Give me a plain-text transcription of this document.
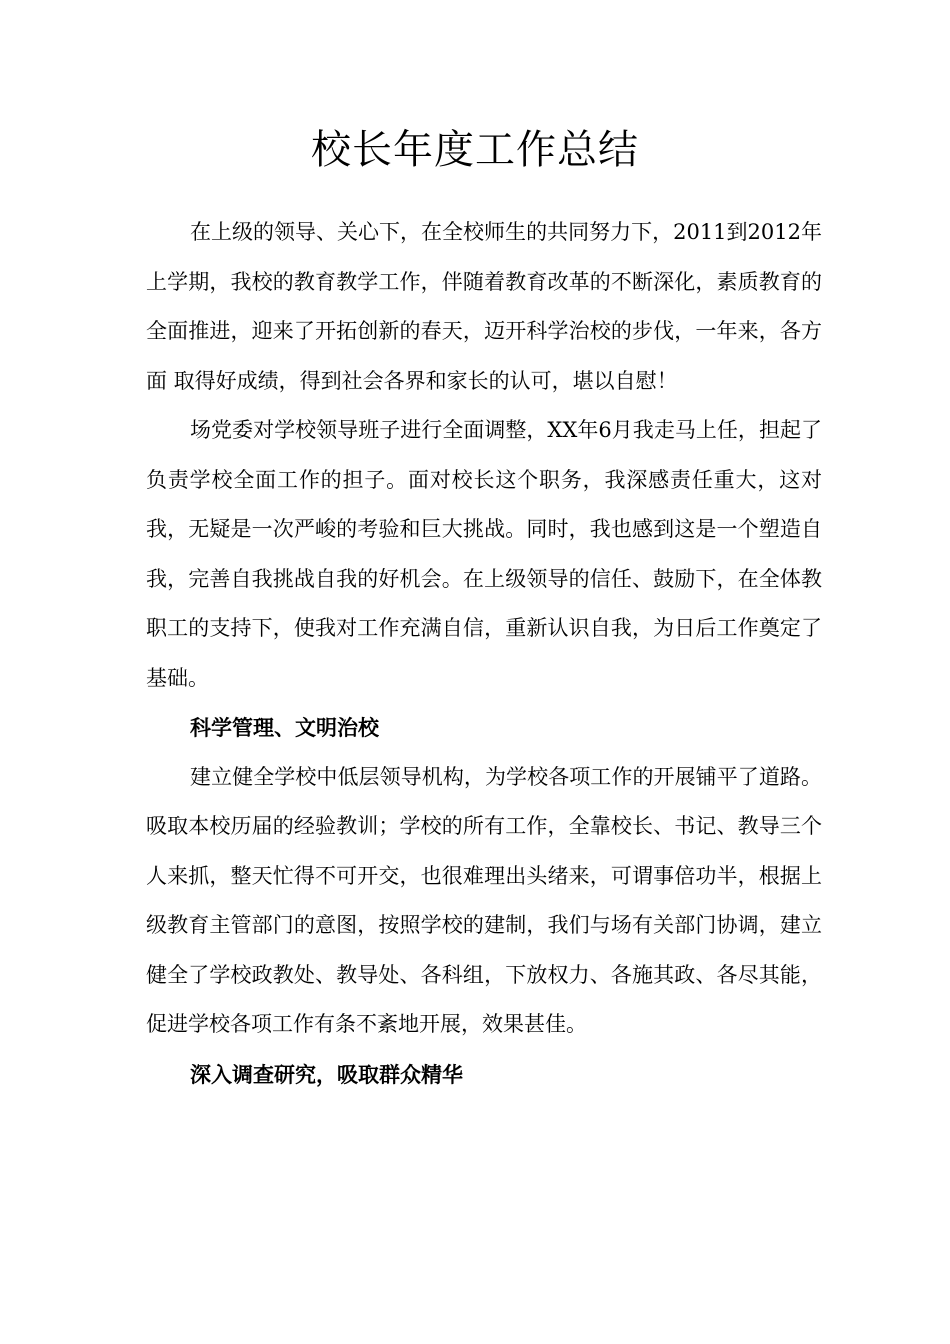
校长年度工作总结

在上级的领导、关心下，在全校师生的共同努力下，2011到2012年上学期，我校的教育教学工作，伴随着教育改革的不断深化，素质教育的全面推进，迎来了开拓创新的春天，迈开科学治校的步伐，一年来，各方面 取得好成绩，得到社会各界和家长的认可，堪以自慰！

场党委对学校领导班子进行全面调整，XX年6月我走马上任，担起了负责学校全面工作的担子。面对校长这个职务，我深感责任重大，这对我，无疑是一次严峻的考验和巨大挑战。同时，我也感到这是一个塑造自我，完善自我挑战自我的好机会。在上级领导的信任、鼓励下，在全体教职工的支持下，使我对工作充满自信，重新认识自我，为日后工作奠定了基础。

科学管理、文明治校

建立健全学校中低层领导机构，为学校各项工作的开展铺平了道路。吸取本校历届的经验教训；学校的所有工作，全靠校长、书记、教导三个人来抓，整天忙得不可开交，也很难理出头绪来，可谓事倍功半，根据上级教育主管部门的意图，按照学校的建制，我们与场有关部门协调，建立健全了学校政教处、教导处、各科组，下放权力、各施其政、各尽其能，促进学校各项工作有条不紊地开展，效果甚佳。

深入调查研究，吸取群众精华
